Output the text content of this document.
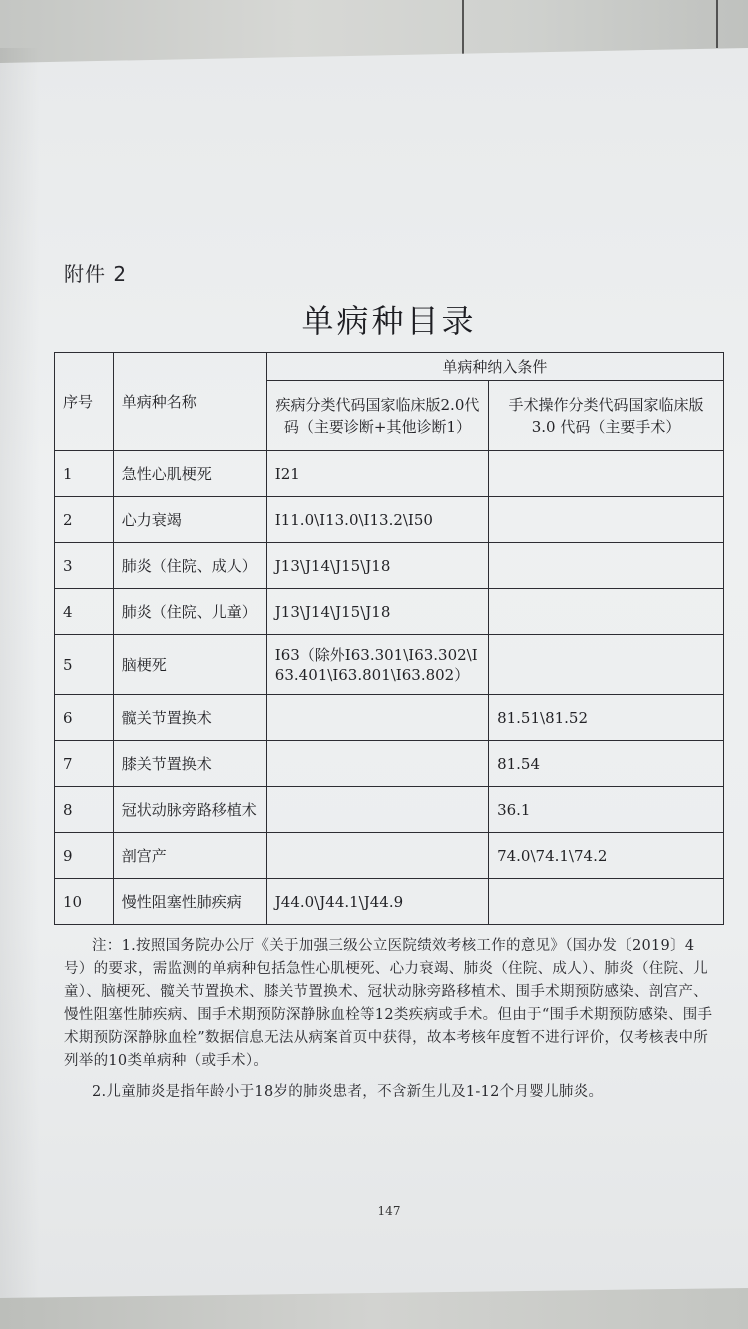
附件 2
单病种目录
序号	单病种名称	单病种纳入条件	
		疾病分类代码国家临床版2.0代码（主要诊断+其他诊断1）	手术操作分类代码国家临床版 3.0 代码（主要手术）
1	急性心肌梗死	I21	
2	心力衰竭	I11.0\I13.0\I13.2\I50	
3	肺炎（住院、成人）	J13\J14\J15\J18	
4	肺炎（住院、儿童）	J13\J14\J15\J18	
5	脑梗死	I63（除外I63.301\I63.302\I63.401\I63.801\I63.802）	
6	髋关节置换术		81.51\81.52
7	膝关节置换术		81.54
8	冠状动脉旁路移植术		36.1
9	剖宫产		74.0\74.1\74.2
10	慢性阻塞性肺疾病	J44.0\J44.1\J44.9	

注：1.按照国务院办公厅《关于加强三级公立医院绩效考核工作的意见》（国办发〔2019〕4号）的要求，需监测的单病种包括急性心肌梗死、心力衰竭、肺炎（住院、成人）、肺炎（住院、儿童）、脑梗死、髋关节置换术、膝关节置换术、冠状动脉旁路移植术、围手术期预防感染、剖宫产、慢性阻塞性肺疾病、围手术期预防深静脉血栓等12类疾病或手术。但由于“围手术期预防感染、围手术期预防深静脉血栓”数据信息无法从病案首页中获得，故本考核年度暂不进行评价，仅考核表中所列举的10类单病种（或手术）。

2.儿童肺炎是指年龄小于18岁的肺炎患者，不含新生儿及1-12个月婴儿肺炎。

147
